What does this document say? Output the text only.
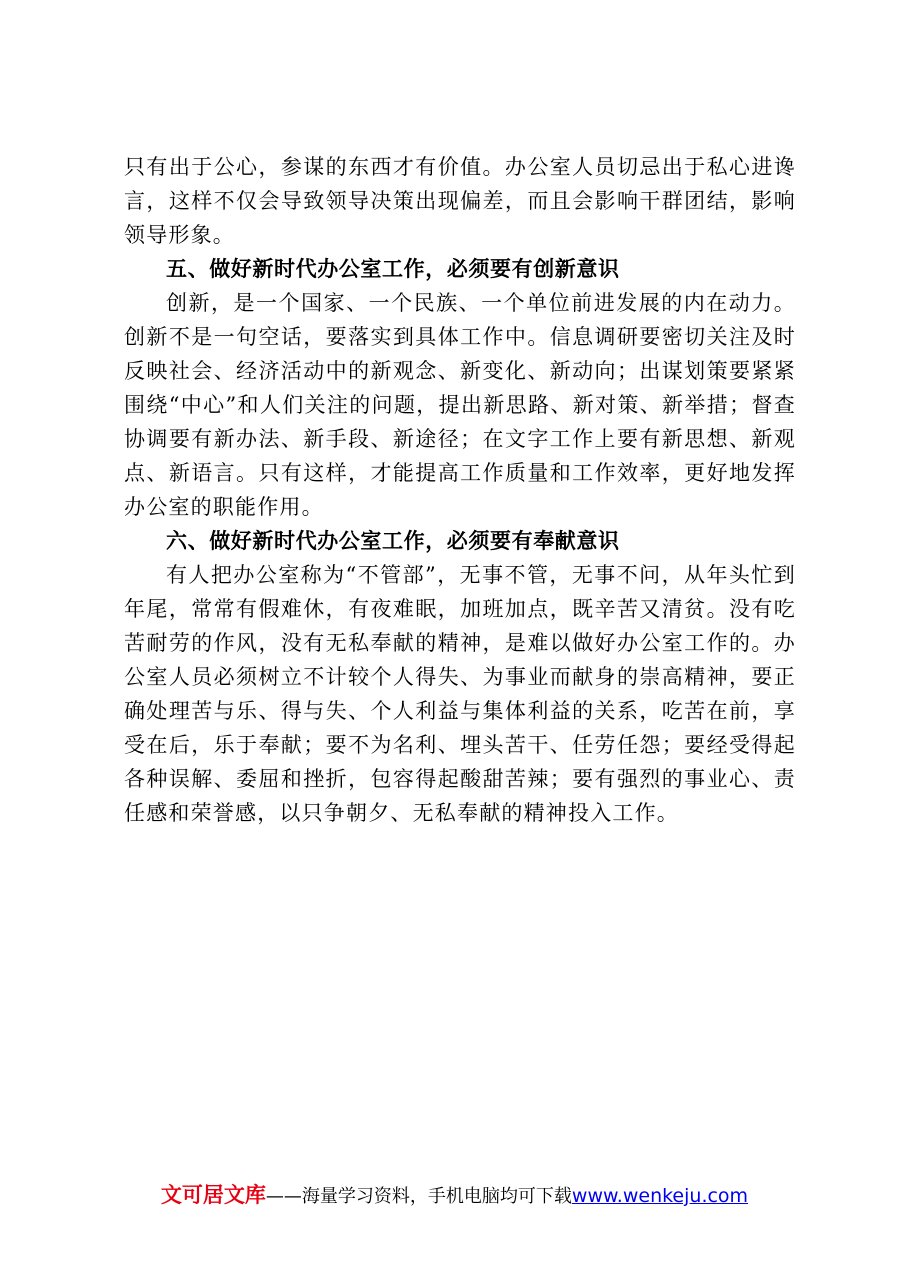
只有出于公心，参谋的东西才有价值。办公室人员切忌出于私心进谗言，这样不仅会导致领导决策出现偏差，而且会影响干群团结，影响领导形象。

五、做好新时代办公室工作，必须要有创新意识

创新，是一个国家、一个民族、一个单位前进发展的内在动力。创新不是一句空话，要落实到具体工作中。信息调研要密切关注及时反映社会、经济活动中的新观念、新变化、新动向；出谋划策要紧紧围绕“中心”和人们关注的问题，提出新思路、新对策、新举措；督查协调要有新办法、新手段、新途径；在文字工作上要有新思想、新观点、新语言。只有这样，才能提高工作质量和工作效率，更好地发挥办公室的职能作用。

六、做好新时代办公室工作，必须要有奉献意识

有人把办公室称为“不管部”，无事不管，无事不问，从年头忙到年尾，常常有假难休，有夜难眠，加班加点，既辛苦又清贫。没有吃苦耐劳的作风，没有无私奉献的精神，是难以做好办公室工作的。办公室人员必须树立不计较个人得失、为事业而献身的崇高精神，要正确处理苦与乐、得与失、个人利益与集体利益的关系，吃苦在前，享受在后，乐于奉献；要不为名利、埋头苦干、任劳任怨；要经受得起各种误解、委屈和挫折，包容得起酸甜苦辣；要有强烈的事业心、责任感和荣誉感，以只争朝夕、无私奉献的精神投入工作。

文可居文库——海量学习资料，手机电脑均可下载www.wenkeju.com
